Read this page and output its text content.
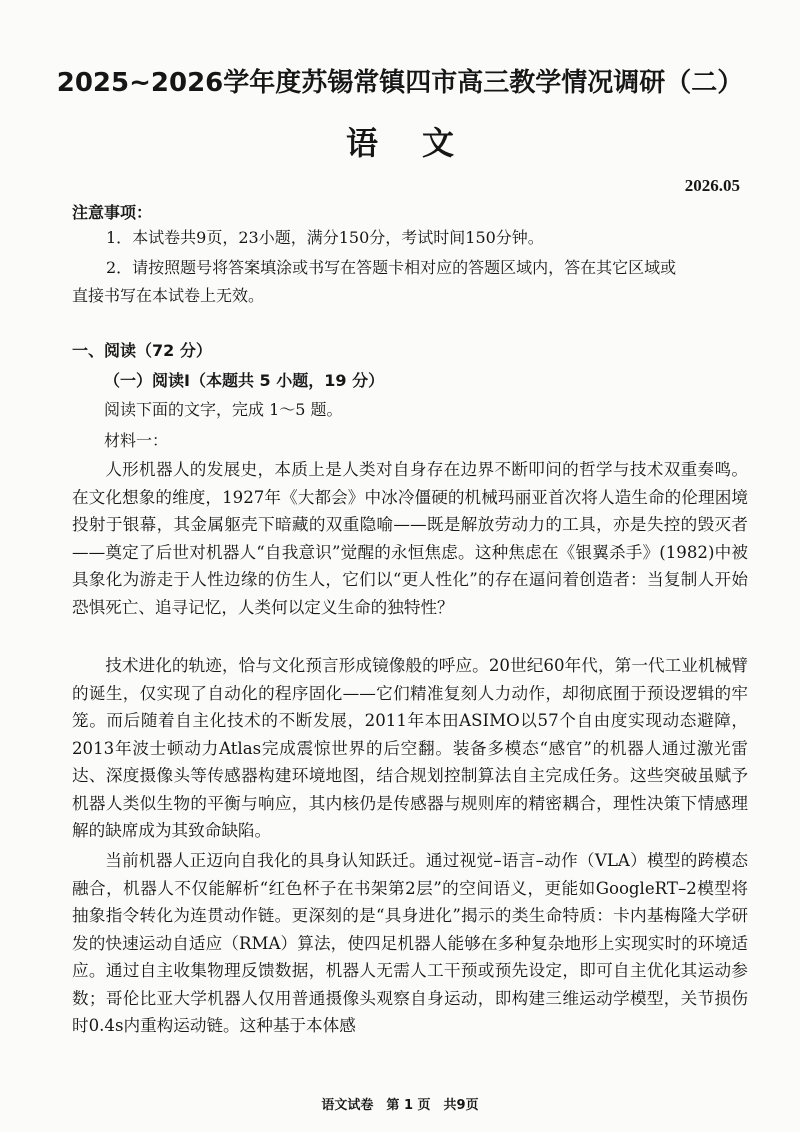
2025~2026学年度苏锡常镇四市高三教学情况调研（二）
语文
2026.05
注意事项：
1．本试卷共9页，23小题，满分150分，考试时间150分钟。
2．请按照题号将答案填涂或书写在答题卡相对应的答题区域内，答在其它区域或
直接书写在本试卷上无效。
一、阅读（72 分）
（一）阅读Ⅰ（本题共 5 小题，19 分）
阅读下面的文字，完成 1～5 题。
材料一：

人形机器人的发展史，本质上是人类对自身存在边界不断叩问的哲学与技术双重奏鸣。在文化想象的维度，1927年《大都会》中冰冷僵硬的机械玛丽亚首次将人造生命的伦理困境投射于银幕，其金属躯壳下暗藏的双重隐喻——既是解放劳动力的工具，亦是失控的毁灭者——奠定了后世对机器人“自我意识”觉醒的永恒焦虑。这种焦虑在《银翼杀手》(1982)中被具象化为游走于人性边缘的仿生人，它们以“更人性化”的存在逼问着创造者：当复制人开始恐惧死亡、追寻记忆，人类何以定义生命的独特性？

技术进化的轨迹，恰与文化预言形成镜像般的呼应。20世纪60年代，第一代工业机械臂的诞生，仅实现了自动化的程序固化——它们精准复刻人力动作，却彻底囿于预设逻辑的牢笼。而后随着自主化技术的不断发展，2011年本田ASIMO以57个自由度实现动态避障，2013年波士顿动力Atlas完成震惊世界的后空翻。装备多模态“感官”的机器人通过激光雷达、深度摄像头等传感器构建环境地图，结合规划控制算法自主完成任务。这些突破虽赋予机器人类似生物的平衡与响应，其内核仍是传感器与规则库的精密耦合，理性决策下情感理解的缺席成为其致命缺陷。

当前机器人正迈向自我化的具身认知跃迁。通过视觉–语言–动作（VLA）模型的跨模态融合，机器人不仅能解析“红色杯子在书架第2层”的空间语义，更能如GoogleRT–2模型将抽象指令转化为连贯动作链。更深刻的是“具身进化”揭示的类生命特质：卡内基梅隆大学研发的快速运动自适应（RMA）算法，使四足机器人能够在多种复杂地形上实现实时的环境适应。通过自主收集物理反馈数据，机器人无需人工干预或预先设定，即可自主优化其运动参数；哥伦比亚大学机器人仅用普通摄像头观察自身运动，即构建三维运动学模型，关节损伤时0.4s内重构运动链。这种基于本体感

语文试卷　第 1 页　共9页
